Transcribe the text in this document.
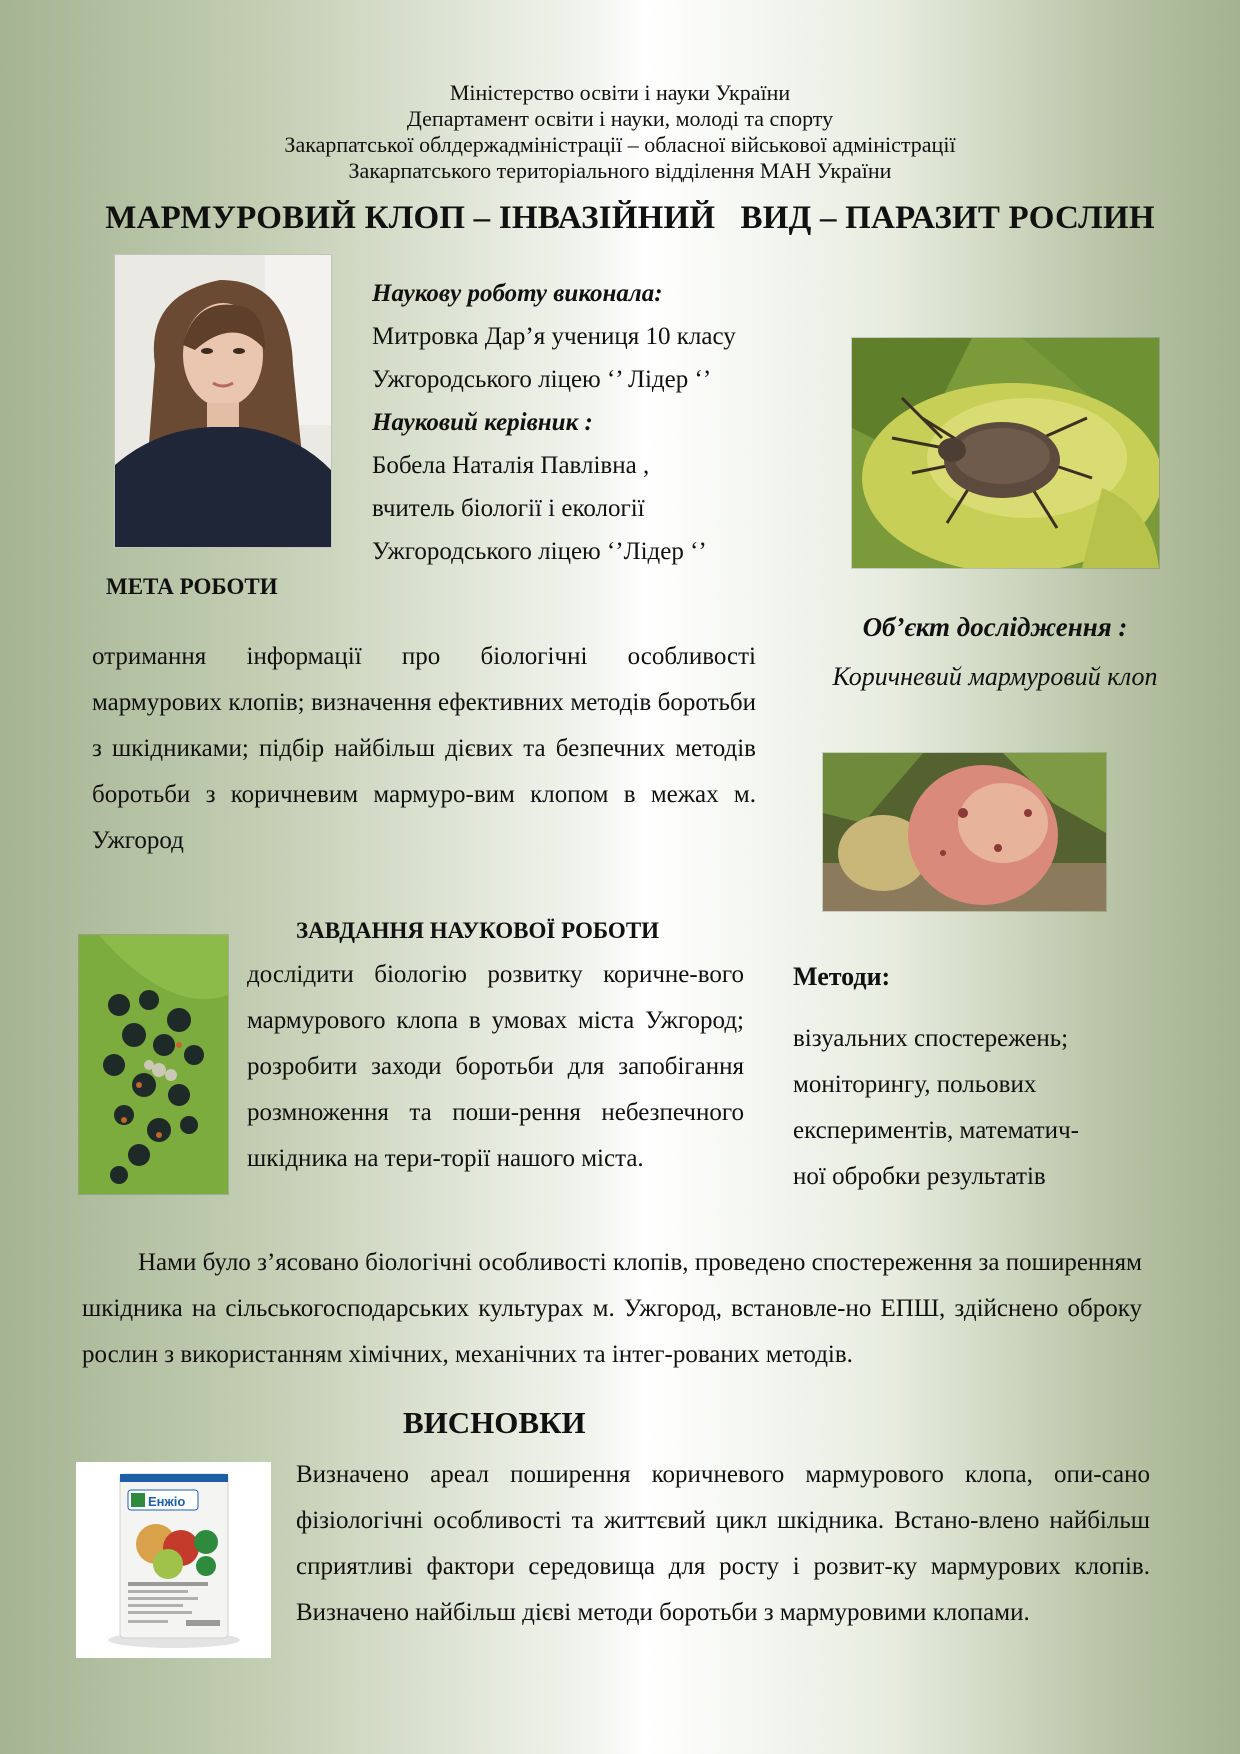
Міністерство освіти і науки України
Департамент освіти і науки, молоді та спорту
Закарпатської облдержадміністрації – обласної військової адміністрації
Закарпатського територіального відділення МАН України
МАРМУРОВИЙ КЛОП – ІНВАЗІЙНИЙ   ВИД – ПАРАЗИТ РОСЛИН
Наукову роботу виконала:
Митровка Дар’я учениця 10 класу
Ужгородського ліцею ‘’ Лідер ‘’
Науковий керівник :
Бобела Наталія Павлівна ,
вчитель біології і екології
Ужгородського ліцею ‘’Лідер ‘’
МЕТА РОБОТИ
отримання інформації про біологічні особливості мармурових клопів; визначення ефективних методів боротьби з шкідниками; підбір найбільш дієвих та безпечних методів боротьби з коричневим мармуро-вим клопом в межах м. Ужгород
Об’єкт дослідження :
Коричневий мармуровий клоп
ЗАВДАННЯ НАУКОВОЇ РОБОТИ
дослідити біологію розвитку коричне-вого мармурового клопа в умовах міста Ужгород; розробити заходи боротьби для запобігання розмноження та поши-рення небезпечного шкідника на тери-торії нашого міста.
Методи:
візуальних спостережень;
моніторингу, польових
експериментів, математич-
ної обробки результатів
Нами було з’ясовано біологічні особливості клопів, проведено спостереження за поширенням шкідника на сільськогосподарських культурах м. Ужгород, встановле-но ЕПШ, здійснено оброку рослин з використанням хімічних, механічних та інтег-рованих методів.
ВИСНОВКИ
Енжіо
Визначено ареал поширення коричневого мармурового клопа, опи-сано фізіологічні особливості та життєвий цикл шкідника. Встано-влено найбільш сприятливі фактори середовища для росту і розвит-ку мармурових клопів. Визначено найбільш дієві методи боротьби з мармуровими клопами.
